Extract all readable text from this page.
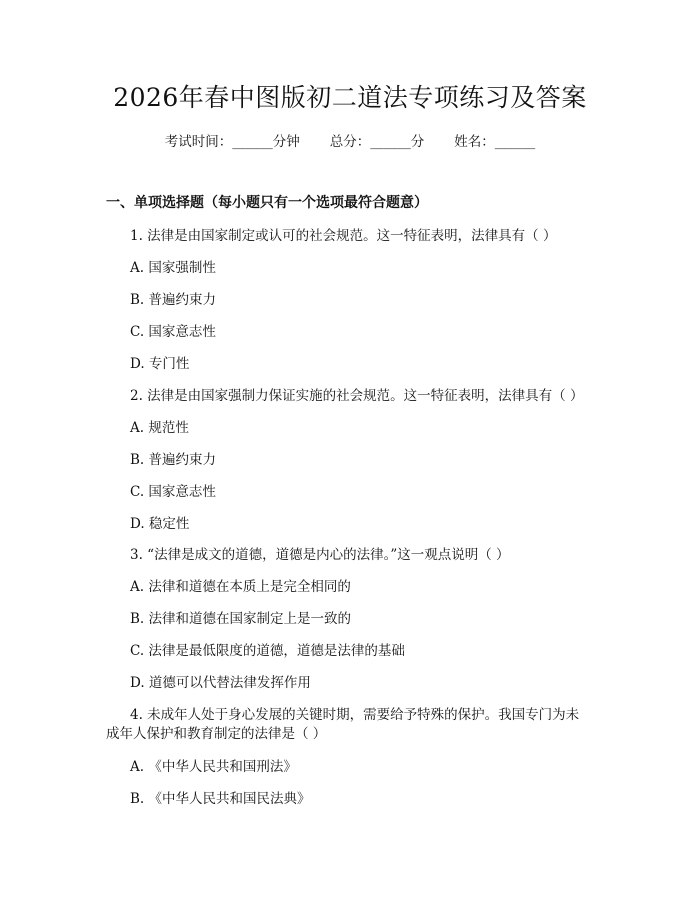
2026年春中图版初二道法专项练习及答案
考试时间：______分钟 总分：______分 姓名：______
一、单项选择题（每小题只有一个选项最符合题意）
1. 法律是由国家制定或认可的社会规范。这一特征表明，法律具有（ ）
A. 国家强制性
B. 普遍约束力
C. 国家意志性
D. 专门性
2. 法律是由国家强制力保证实施的社会规范。这一特征表明，法律具有（ ）
A. 规范性
B. 普遍约束力
C. 国家意志性
D. 稳定性
3. “法律是成文的道德，道德是内心的法律。”这一观点说明（ ）
A. 法律和道德在本质上是完全相同的
B. 法律和道德在国家制定上是一致的
C. 法律是最低限度的道德，道德是法律的基础
D. 道德可以代替法律发挥作用
4. 未成年人处于身心发展的关键时期，需要给予特殊的保护。我国专门为未
成年人保护和教育制定的法律是（ ）
A. 《中华人民共和国刑法》
B. 《中华人民共和国民法典》
